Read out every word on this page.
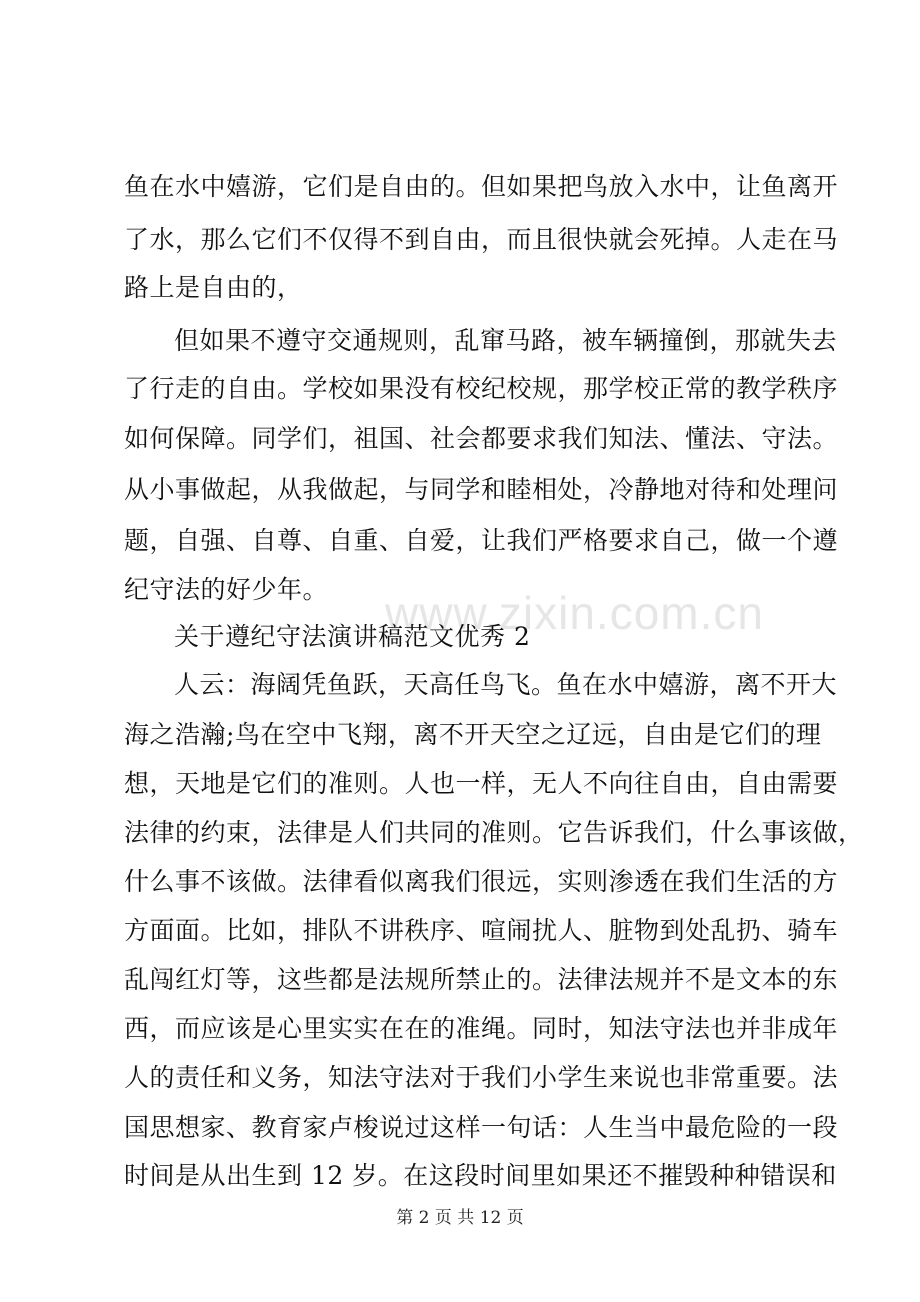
www.zixin.com.cn
鱼在水中嬉游，它们是自由的。但如果把鸟放入水中，让鱼离开
了水，那么它们不仅得不到自由，而且很快就会死掉。人走在马
路上是自由的，
但如果不遵守交通规则，乱窜马路，被车辆撞倒，那就失去
了行走的自由。学校如果没有校纪校规，那学校正常的教学秩序
如何保障。同学们，祖国、社会都要求我们知法、懂法、守法。
从小事做起，从我做起，与同学和睦相处，冷静地对待和处理问
题，自强、自尊、自重、自爱，让我们严格要求自己，做一个遵
纪守法的好少年。
关于遵纪守法演讲稿范文优秀 2
人云：海阔凭鱼跃，天高任鸟飞。鱼在水中嬉游，离不开大
海之浩瀚;鸟在空中飞翔，离不开天空之辽远，自由是它们的理
想，天地是它们的准则。人也一样，无人不向往自由，自由需要
法律的约束，法律是人们共同的准则。它告诉我们，什么事该做，
什么事不该做。法律看似离我们很远，实则渗透在我们生活的方
方面面。比如，排队不讲秩序、喧闹扰人、脏物到处乱扔、骑车
乱闯红灯等，这些都是法规所禁止的。法律法规并不是文本的东
西，而应该是心里实实在在的准绳。同时，知法守法也并非成年
人的责任和义务，知法守法对于我们小学生来说也非常重要。法
国思想家、教育家卢梭说过这样一句话：人生当中最危险的一段
时间是从出生到 12 岁。在这段时间里如果还不摧毁种种错误和
第 2 页 共 12 页
